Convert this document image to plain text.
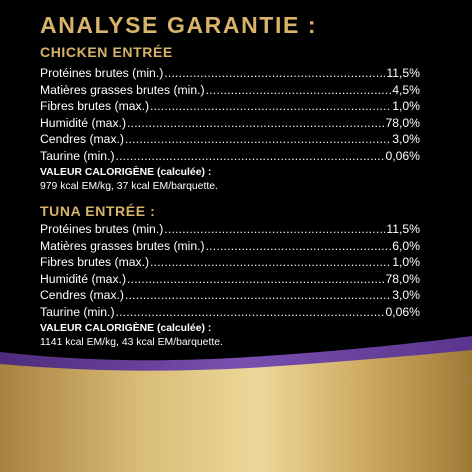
ANALYSE GARANTIE :
CHICKEN ENTRÉE
Protéines brutes (min.) .....	11,5%
Matières grasses brutes (min.) .....	4,5%
Fibres brutes (max.) .....	1,0%
Humidité (max.) .....	78,0%
Cendres (max.) .....	3,0%
Taurine (min.) .....	0,06%
VALEUR CALORIGÈNE (calculée) :
979 kcal EM/kg, 37 kcal EM/barquette.
TUNA ENTRÉE :
Protéines brutes (min.) .....	11,5%
Matières grasses brutes (min.) .....	6,0%
Fibres brutes (max.) .....	1,0%
Humidité (max.) .....	78,0%
Cendres (max.) .....	3,0%
Taurine (min.) .....	0,06%
VALEUR CALORIGÈNE (calculée) :
1141 kcal EM/kg, 43 kcal EM/barquette.
